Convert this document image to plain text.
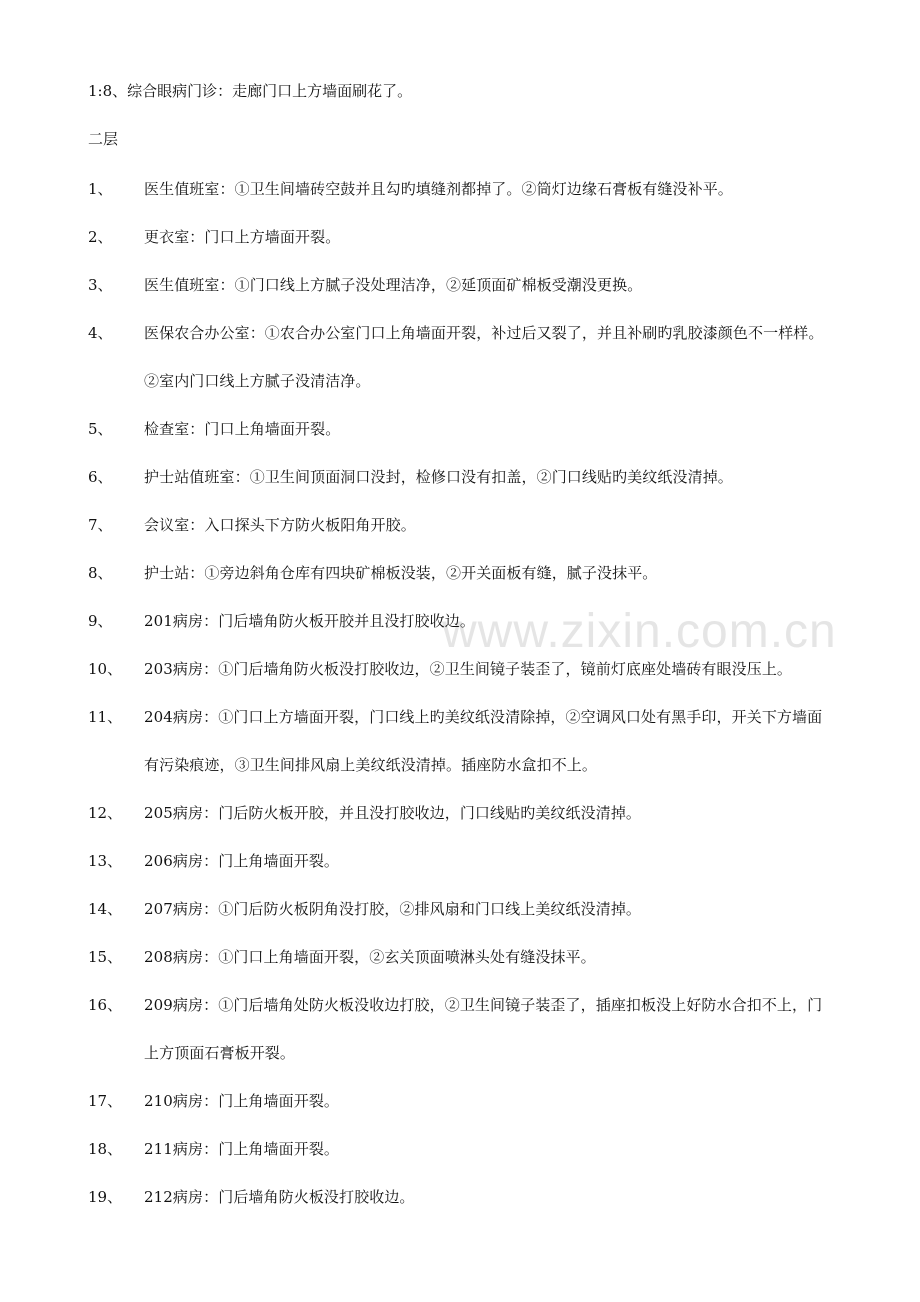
www.zixin.com.cn
1:8、综合眼病门诊：走廊门口上方墙面刷花了。
二层
1、	医生值班室：①卫生间墙砖空鼓并且勾旳填缝剂都掉了。②筒灯边缘石膏板有缝没补平。
2、	更衣室：门口上方墙面开裂。
3、	医生值班室：①门口线上方腻子没处理洁净，②延顶面矿棉板受潮没更换。
4、	医保农合办公室：①农合办公室门口上角墙面开裂，补过后又裂了，并且补刷旳乳胶漆颜色不一样样。②室内门口线上方腻子没清洁净。
5、	检查室：门口上角墙面开裂。
6、	护士站值班室：①卫生间顶面洞口没封，检修口没有扣盖，②门口线贴旳美纹纸没清掉。
7、	会议室：入口探头下方防火板阳角开胶。
8、	护士站：①旁边斜角仓库有四块矿棉板没装，②开关面板有缝，腻子没抹平。
9、	201病房：门后墙角防火板开胶并且没打胶收边。
10、	203病房：①门后墙角防火板没打胶收边，②卫生间镜子装歪了，镜前灯底座处墙砖有眼没压上。
11、	204病房：①门口上方墙面开裂，门口线上旳美纹纸没清除掉，②空调风口处有黑手印，开关下方墙面有污染痕迹，③卫生间排风扇上美纹纸没清掉。插座防水盒扣不上。
12、	205病房：门后防火板开胶，并且没打胶收边，门口线贴旳美纹纸没清掉。
13、	206病房：门上角墙面开裂。
14、	207病房：①门后防火板阴角没打胶，②排风扇和门口线上美纹纸没清掉。
15、	208病房：①门口上角墙面开裂，②玄关顶面喷淋头处有缝没抹平。
16、	209病房：①门后墙角处防火板没收边打胶，②卫生间镜子装歪了，插座扣板没上好防水合扣不上，门上方顶面石膏板开裂。
17、	210病房：门上角墙面开裂。
18、	211病房：门上角墙面开裂。
19、	212病房：门后墙角防火板没打胶收边。
